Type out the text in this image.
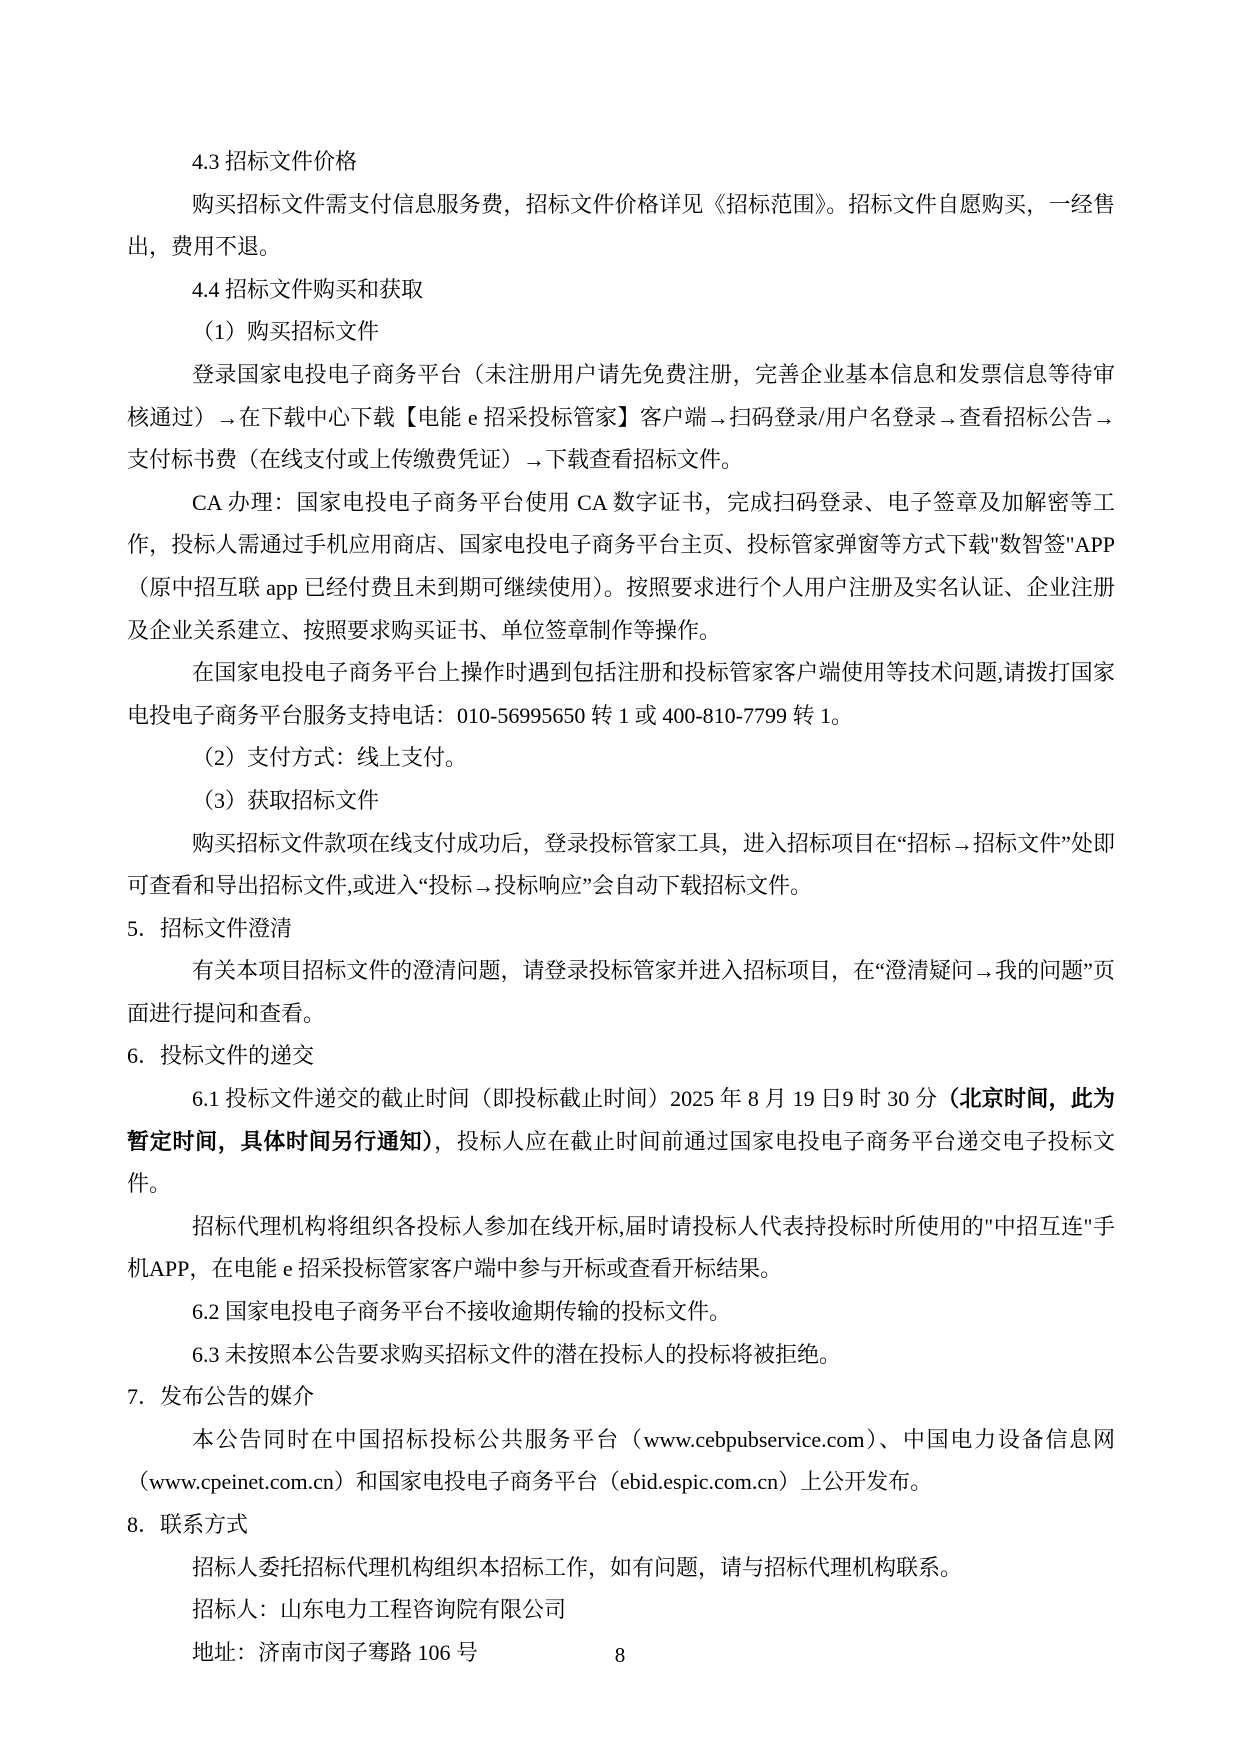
4.3 招标文件价格

购买招标文件需支付信息服务费，招标文件价格详见《招标范围》。招标文件自愿购买，一经售出，费用不退。

4.4 招标文件购买和获取

（1）购买招标文件

登录国家电投电子商务平台（未注册用户请先免费注册，完善企业基本信息和发票信息等待审核通过）→在下载中心下载【电能 e 招采投标管家】客户端→扫码登录/用户名登录→查看招标公告→支付标书费（在线支付或上传缴费凭证）→下载查看招标文件。

CA 办理：国家电投电子商务平台使用 CA 数字证书，完成扫码登录、电子签章及加解密等工作，投标人需通过手机应用商店、国家电投电子商务平台主页、投标管家弹窗等方式下载"数智签"APP（原中招互联 app 已经付费且未到期可继续使用）。按照要求进行个人用户注册及实名认证、企业注册及企业关系建立、按照要求购买证书、单位签章制作等操作。

在国家电投电子商务平台上操作时遇到包括注册和投标管家客户端使用等技术问题,请拨打国家电投电子商务平台服务支持电话：010-56995650 转 1 或 400-810-7799 转 1。

（2）支付方式：线上支付。

（3）获取招标文件

购买招标文件款项在线支付成功后，登录投标管家工具，进入招标项目在“招标→招标文件”处即可查看和导出招标文件,或进入“投标→投标响应”会自动下载招标文件。

5．招标文件澄清

有关本项目招标文件的澄清问题，请登录投标管家并进入招标项目，在“澄清疑问→我的问题”页面进行提问和查看。

6．投标文件的递交

6.1 投标文件递交的截止时间（即投标截止时间）2025 年 8 月 19 日9 时 30 分（北京时间，此为暂定时间，具体时间另行通知），投标人应在截止时间前通过国家电投电子商务平台递交电子投标文件。

招标代理机构将组织各投标人参加在线开标,届时请投标人代表持投标时所使用的"中招互连"手机APP，在电能 e 招采投标管家客户端中参与开标或查看开标结果。

6.2 国家电投电子商务平台不接收逾期传输的投标文件。

6.3 未按照本公告要求购买招标文件的潜在投标人的投标将被拒绝。

7．发布公告的媒介

本公告同时在中国招标投标公共服务平台（www.cebpubservice.com）、中国电力设备信息网（www.cpeinet.com.cn）和国家电投电子商务平台（ebid.espic.com.cn）上公开发布。

8．联系方式

招标人委托招标代理机构组织本招标工作，如有问题，请与招标代理机构联系。

招标人：山东电力工程咨询院有限公司

地址：济南市闵子骞路 106 号	8
